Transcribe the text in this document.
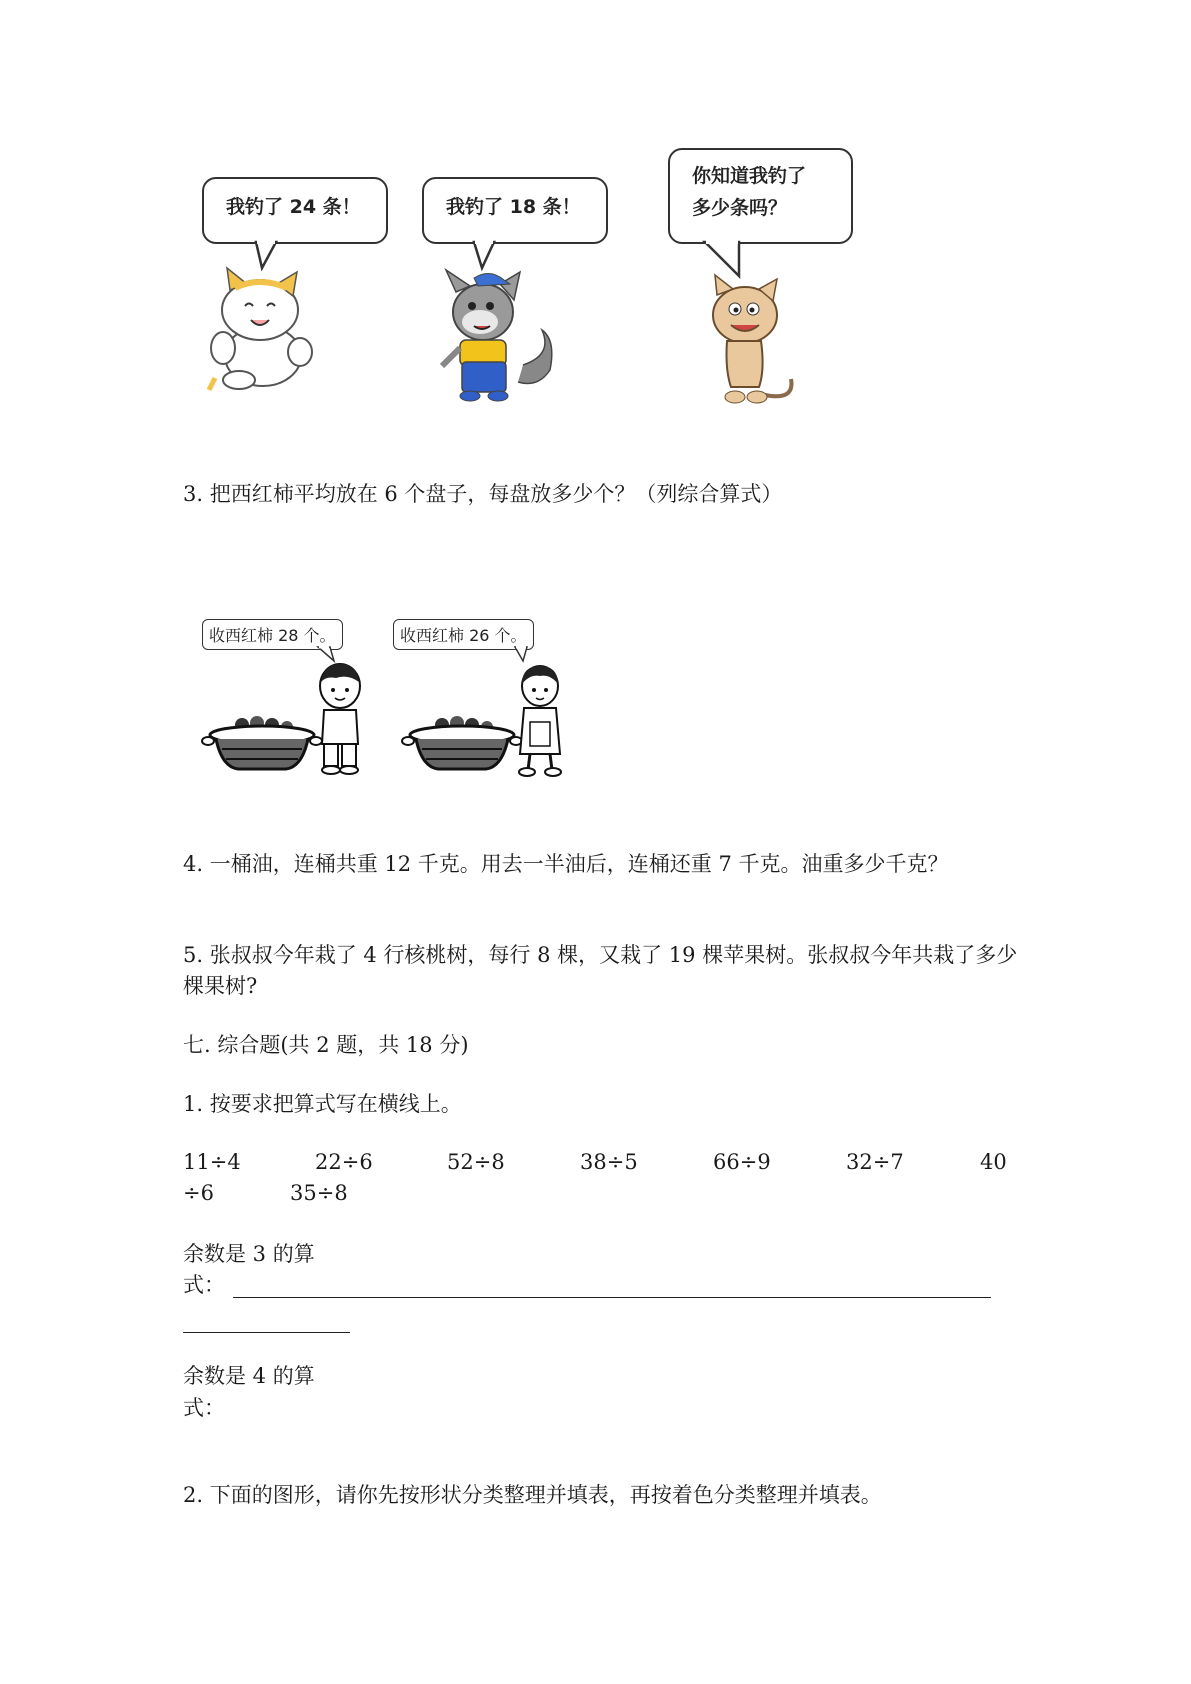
我钓了 24 条！	我钓了 18 条！
你知道我钓了
多少条吗？
3. 把西红柿平均放在 6 个盘子，每盘放多少个？（列综合算式）
收西红柿 28 个。	收西红柿 26 个。
4. 一桶油，连桶共重 12 千克。用去一半油后，连桶还重 7 千克。油重多少千克？
5. 张叔叔今年栽了 4 行核桃树，每行 8 棵，又栽了 19 棵苹果树。张叔叔今年共栽了多少棵果树?
七. 综合题(共 2 题，共 18 分)
1. 按要求把算式写在横线上。
11÷4	22÷6	52÷8	38÷5	66÷9	32÷7	40
÷6	35÷8
余数是 3 的算
式：
余数是 4 的算
式：
2. 下面的图形，请你先按形状分类整理并填表，再按着色分类整理并填表。
